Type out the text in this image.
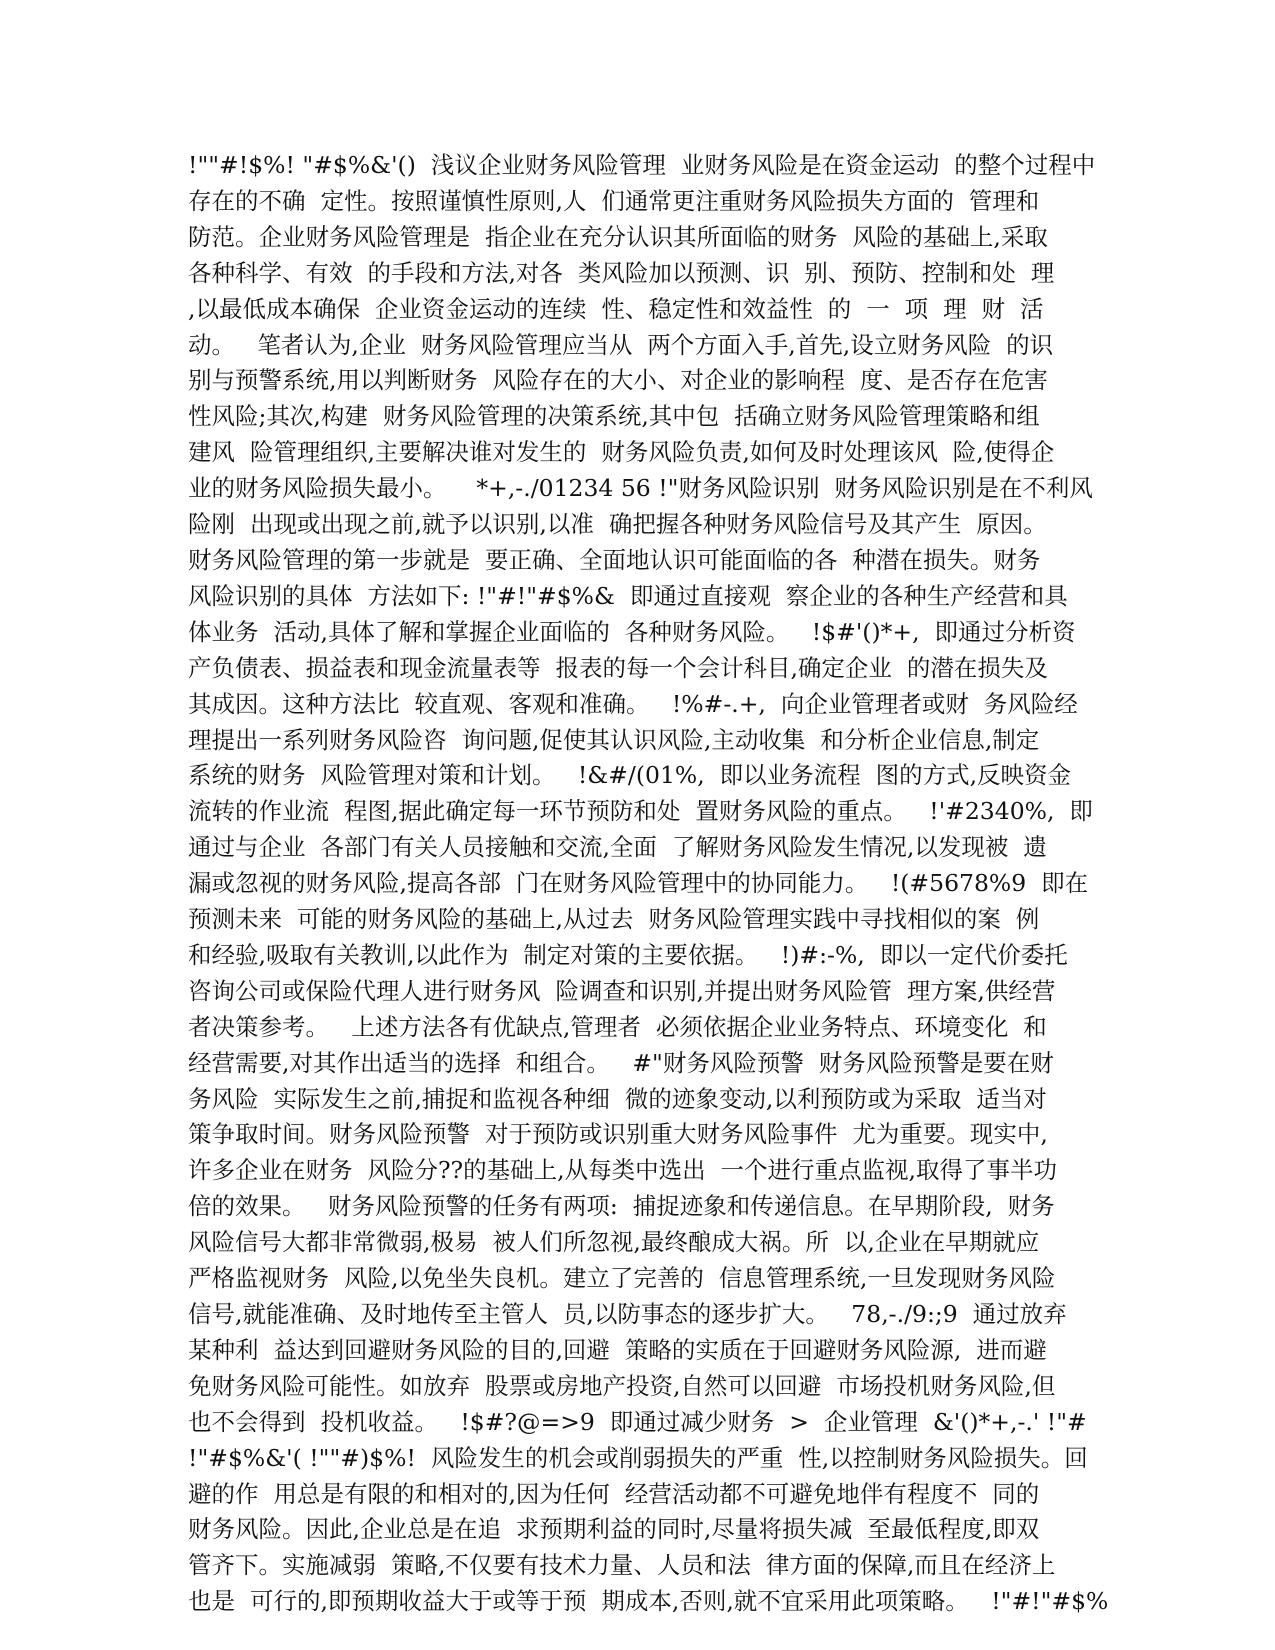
!""#!$%! "#$%&'()  浅议企业财务风险管理  业财务风险是在资金运动  的整个过程中
存在的不确  定性。按照谨慎性原则,人  们通常更注重财务风险损失方面的  管理和
防范。企业财务风险管理是  指企业在充分认识其所面临的财务  风险的基础上,采取
各种科学、有效  的手段和方法,对各  类风险加以预测、识  别、预防、控制和处  理
,以最低成本确保  企业资金运动的连续  性、稳定性和效益性  的  一  项  理  财  活
动。   笔者认为,企业  财务风险管理应当从  两个方面入手,首先,设立财务风险  的识
别与预警系统,用以判断财务  风险存在的大小、对企业的影响程  度、是否存在危害
性风险;其次,构建  财务风险管理的决策系统,其中包  括确立财务风险管理策略和组
建风  险管理组织,主要解决谁对发生的  财务风险负责,如何及时处理该风  险,使得企
业的财务风险损失最小。    *+,-./01234 56 !"财务风险识别  财务风险识别是在不利风
险刚  出现或出现之前,就予以识别,以准  确把握各种财务风险信号及其产生  原因。
财务风险管理的第一步就是  要正确、全面地认识可能面临的各  种潜在损失。财务
风险识别的具体  方法如下: !"#!"#$%&  即通过直接观  察企业的各种生产经营和具
体业务  活动,具体了解和掌握企业面临的  各种财务风险。   !$#'()*+,  即通过分析资
产负债表、损益表和现金流量表等  报表的每一个会计科目,确定企业  的潜在损失及
其成因。这种方法比  较直观、客观和准确。   !%#-.+,  向企业管理者或财  务风险经
理提出一系列财务风险咨  询问题,促使其认识风险,主动收集  和分析企业信息,制定
系统的财务  风险管理对策和计划。   !&#/(01%,  即以业务流程  图的方式,反映资金
流转的作业流  程图,据此确定每一环节预防和处  置财务风险的重点。   !'#2340%,  即
通过与企业  各部门有关人员接触和交流,全面  了解财务风险发生情况,以发现被  遗
漏或忽视的财务风险,提高各部  门在财务风险管理中的协同能力。   !(#5678%9  即在
预测未来  可能的财务风险的基础上,从过去  财务风险管理实践中寻找相似的案  例
和经验,吸取有关教训,以此作为  制定对策的主要依据。   !)#:-%,  即以一定代价委托
咨询公司或保险代理人进行财务风  险调查和识别,并提出财务风险管  理方案,供经营
者决策参考。   上述方法各有优缺点,管理者  必须依据企业业务特点、环境变化  和
经营需要,对其作出适当的选择  和组合。   #"财务风险预警  财务风险预警是要在财
务风险  实际发生之前,捕捉和监视各种细  微的迹象变动,以利预防或为采取  适当对
策争取时间。财务风险预警  对于预防或识别重大财务风险事件  尤为重要。现实中,
许多企业在财务  风险分??的基础上,从每类中选出  一个进行重点监视,取得了事半功
倍的效果。   财务风险预警的任务有两项:  捕捉迹象和传递信息。在早期阶段,  财务
风险信号大都非常微弱,极易  被人们所忽视,最终酿成大祸。所  以,企业在早期就应
严格监视财务  风险,以免坐失良机。建立了完善的  信息管理系统,一旦发现财务风险
信号,就能准确、及时地传至主管人  员,以防事态的逐步扩大。   78,-./9:;9  通过放弃
某种利  益达到回避财务风险的目的,回避  策略的实质在于回避财务风险源,  进而避
免财务风险可能性。如放弃  股票或房地产投资,自然可以回避  市场投机财务风险,但
也不会得到  投机收益。   !$#?@=>9  即通过减少财务  >  企业管理  &'()*+,-.' !"#
!"#$%&'( !""#)$%!  风险发生的机会或削弱损失的严重  性,以控制财务风险损失。回
避的作  用总是有限的和相对的,因为任何  经营活动都不可避免地伴有程度不  同的
财务风险。因此,企业总是在追  求预期利益的同时,尽量将损失减  至最低程度,即双
管齐下。实施减弱  策略,不仅要有技术力量、人员和法  律方面的保障,而且在经济上
也是  可行的,即预期收益大于或等于预  期成本,否则,就不宜采用此项策略。   !"#!"#$%
